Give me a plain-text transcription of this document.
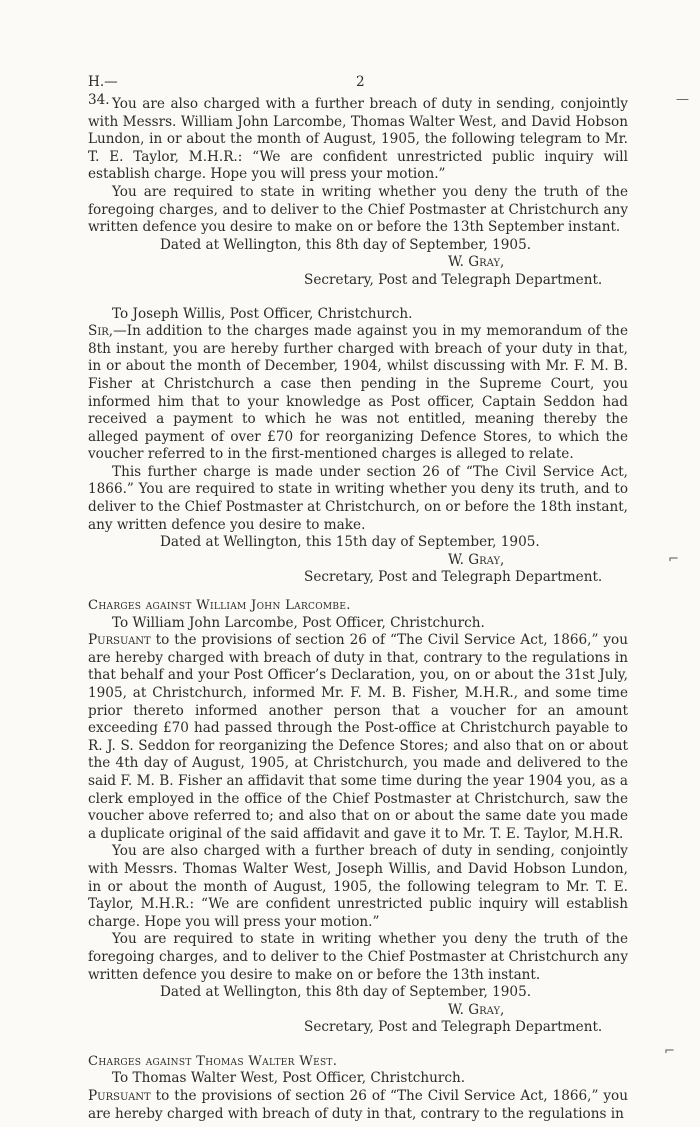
—
⌐
⌐
H.—34.
2

You are also charged with a further breach of duty in sending, conjointly with Messrs. William John Larcombe, Thomas Walter West, and David Hobson Lundon, in or about the month of August, 1905, the following telegram to Mr. T. E. Taylor, M.H.R.: “We are confident unrestricted public inquiry will establish charge. Hope you will press your motion.”

You are required to state in writing whether you deny the truth of the foregoing charges, and to deliver to the Chief Postmaster at Christchurch any written defence you desire to make on or before the 13th September instant.

Dated at Wellington, this 8th day of September, 1905.

W. Gray,

Secretary, Post and Telegraph Department.

To Joseph Willis, Post Officer, Christchurch.

Sir,—In addition to the charges made against you in my memorandum of the 8th instant, you are hereby further charged with breach of your duty in that, in or about the month of December, 1904, whilst discussing with Mr. F. M. B. Fisher at Christchurch a case then pending in the Supreme Court, you informed him that to your knowledge as Post officer, Captain Seddon had received a payment to which he was not entitled, meaning thereby the alleged payment of over £70 for reorganizing Defence Stores, to which the voucher referred to in the first-mentioned charges is alleged to relate.

This further charge is made under section 26 of “The Civil Service Act, 1866.” You are required to state in writing whether you deny its truth, and to deliver to the Chief Postmaster at Christchurch, on or before the 18th instant, any written defence you desire to make.

Dated at Wellington, this 15th day of September, 1905.

W. Gray,

Secretary, Post and Telegraph Department.

Charges against William John Larcombe.

To William John Larcombe, Post Officer, Christchurch.

Pursuant to the provisions of section 26 of “The Civil Service Act, 1866,” you are hereby charged with breach of duty in that, contrary to the regulations in that behalf and your Post Officer’s Declaration, you, on or about the 31st July, 1905, at Christchurch, informed Mr. F. M. B. Fisher, M.H.R., and some time prior thereto informed another person that a voucher for an amount exceeding £70 had passed through the Post-office at Christchurch payable to R. J. S. Seddon for reorganizing the Defence Stores; and also that on or about the 4th day of August, 1905, at Christchurch, you made and delivered to the said F. M. B. Fisher an affidavit that some time during the year 1904 you, as a clerk employed in the office of the Chief Postmaster at Christchurch, saw the voucher above referred to; and also that on or about the same date you made a duplicate original of the said affidavit and gave it to Mr. T. E. Taylor, M.H.R.

You are also charged with a further breach of duty in sending, conjointly with Messrs. Thomas Walter West, Joseph Willis, and David Hobson Lundon, in or about the month of August, 1905, the following telegram to Mr. T. E. Taylor, M.H.R.: “We are confident unrestricted public inquiry will establish charge. Hope you will press your motion.”

You are required to state in writing whether you deny the truth of the foregoing charges, and to deliver to the Chief Postmaster at Christchurch any written defence you desire to make on or before the 13th instant.

Dated at Wellington, this 8th day of September, 1905.

W. Gray,

Secretary, Post and Telegraph Department.

Charges against Thomas Walter West.

To Thomas Walter West, Post Officer, Christchurch.

Pursuant to the provisions of section 26 of “The Civil Service Act, 1866,” you are hereby charged with breach of duty in that, contrary to the regulations in
